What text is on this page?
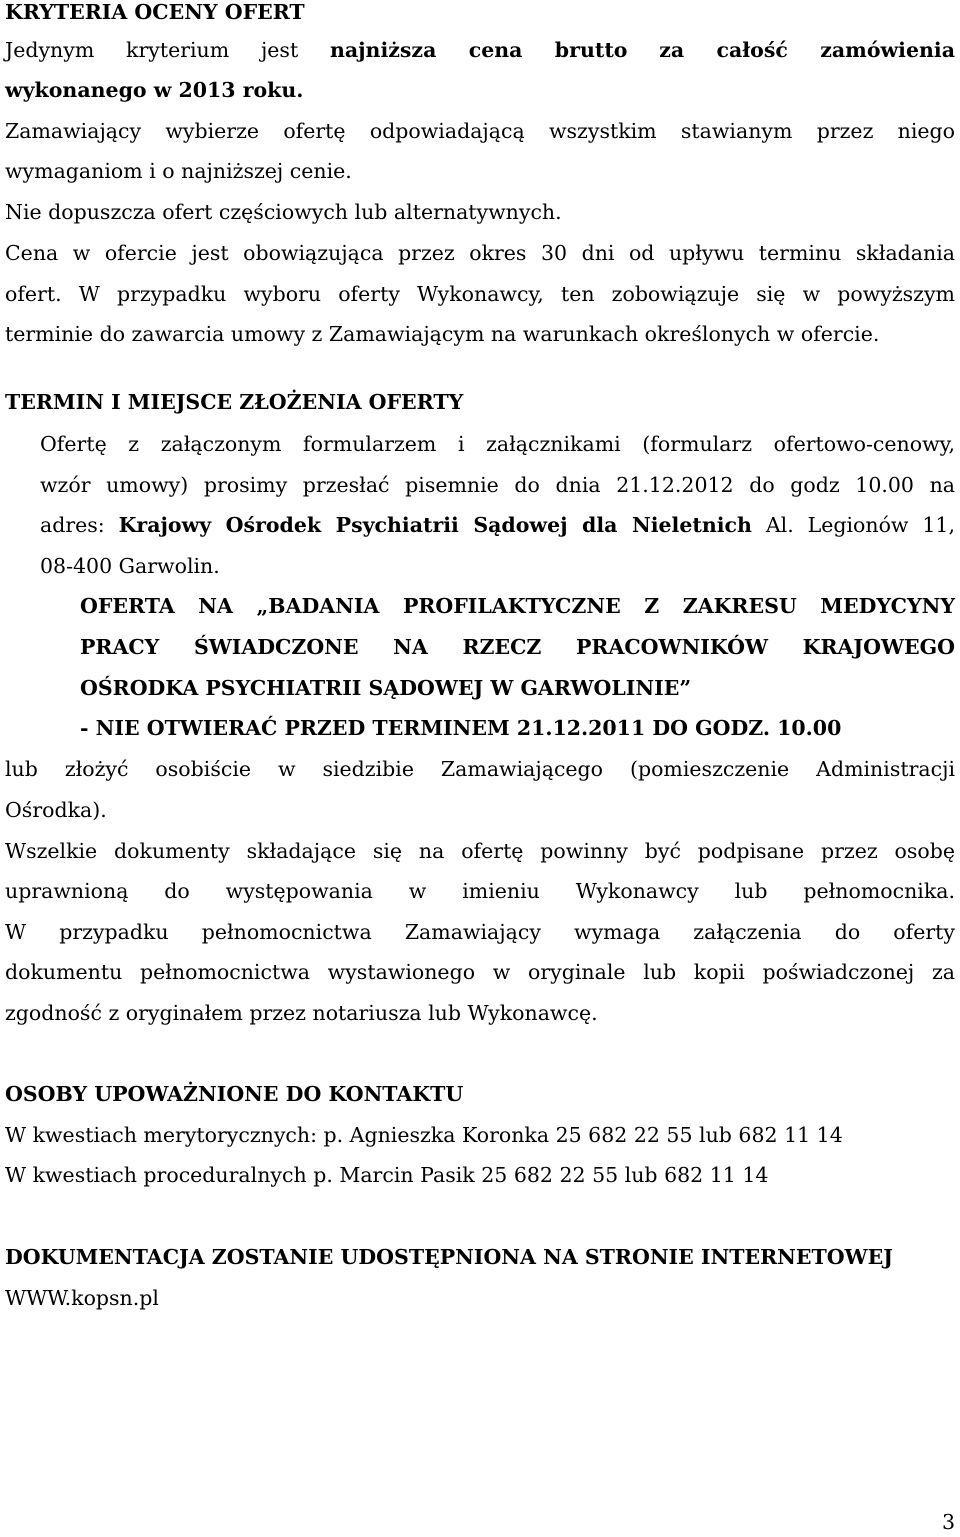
KRYTERIA OCENY OFERT
Jedynym kryterium jest najniższa cena brutto za całość zamówienia
wykonanego w 2013 roku.
Zamawiający wybierze ofertę odpowiadającą wszystkim stawianym przez niego
wymaganiom i o najniższej cenie.
Nie dopuszcza ofert częściowych lub alternatywnych.
Cena w ofercie jest obowiązująca przez okres 30 dni od upływu terminu składania
ofert. W przypadku wyboru oferty Wykonawcy, ten zobowiązuje się w powyższym
terminie do zawarcia umowy z Zamawiającym na warunkach określonych w ofercie.
TERMIN I MIEJSCE ZŁOŻENIA OFERTY
Ofertę z załączonym formularzem i załącznikami (formularz ofertowo-cenowy,
wzór umowy) prosimy przesłać pisemnie do dnia 21.12.2012 do godz 10.00 na
adres: Krajowy Ośrodek Psychiatrii Sądowej dla Nieletnich Al. Legionów 11,
08-400 Garwolin.
OFERTA NA „BADANIA PROFILAKTYCZNE Z ZAKRESU MEDYCYNY
PRACY ŚWIADCZONE NA RZECZ PRACOWNIKÓW KRAJOWEGO
OŚRODKA PSYCHIATRII SĄDOWEJ W GARWOLINIE”
- NIE OTWIERAĆ PRZED TERMINEM 21.12.2011 DO GODZ. 10.00
lub złożyć osobiście w siedzibie Zamawiającego (pomieszczenie Administracji
Ośrodka).
Wszelkie dokumenty składające się na ofertę powinny być podpisane przez osobę
uprawnioną do występowania w imieniu Wykonawcy lub pełnomocnika.
W przypadku pełnomocnictwa Zamawiający wymaga załączenia do oferty
dokumentu pełnomocnictwa wystawionego w oryginale lub kopii poświadczonej za
zgodność z oryginałem przez notariusza lub Wykonawcę.
OSOBY UPOWAŻNIONE DO KONTAKTU
W kwestiach merytorycznych: p. Agnieszka Koronka 25 682 22 55 lub 682 11 14
W kwestiach proceduralnych p. Marcin Pasik 25 682 22 55 lub 682 11 14
DOKUMENTACJA ZOSTANIE UDOSTĘPNIONA NA STRONIE INTERNETOWEJ
WWW.kopsn.pl
3
